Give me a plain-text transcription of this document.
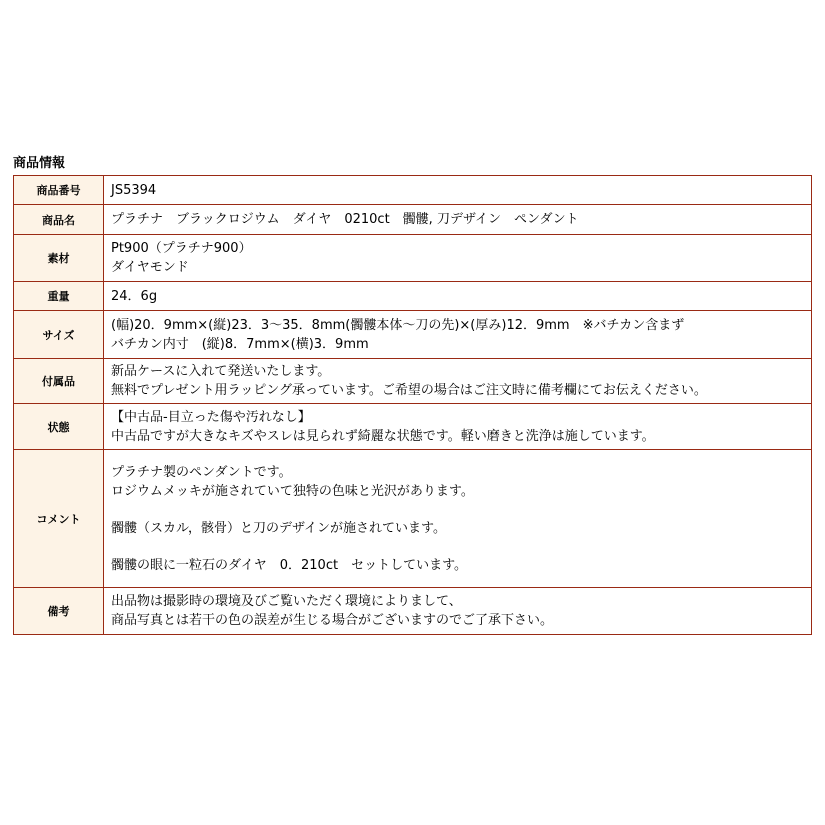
商品情報
商品番号	JS5394

商品名	プラチナ　ブラックロジウム　ダイヤ　0210ct　髑髏, 刀デザイン　ペンダント

素材	Pt900（プラチナ900）
ダイヤモンド

重量	24．6g

サイズ	(幅)20．9mm×(縦)23．3～35．8mm(髑髏本体～刀の先)×(厚み)12．9mm　※バチカン含まず
バチカン内寸　(縦)8．7mm×(横)3．9mm

付属品	新品ケースに入れて発送いたします。
無料でプレゼント用ラッピング承っています。ご希望の場合はご注文時に備考欄にてお伝えください。

状態	【中古品-目立った傷や汚れなし】
中古品ですが大きなキズやスレは見られず綺麗な状態です。軽い磨きと洗浄は施しています。

コメント	プラチナ製のペンダントです。
ロジウムメッキが施されていて独特の色味と光沢があります。
髑髏（スカル，骸骨）と刀のデザインが施されています。
髑髏の眼に一粒石のダイヤ　0．210ct　セットしています。

備考	出品物は撮影時の環境及びご覧いただく環境によりまして、
商品写真とは若干の色の誤差が生じる場合がございますのでご了承下さい。
